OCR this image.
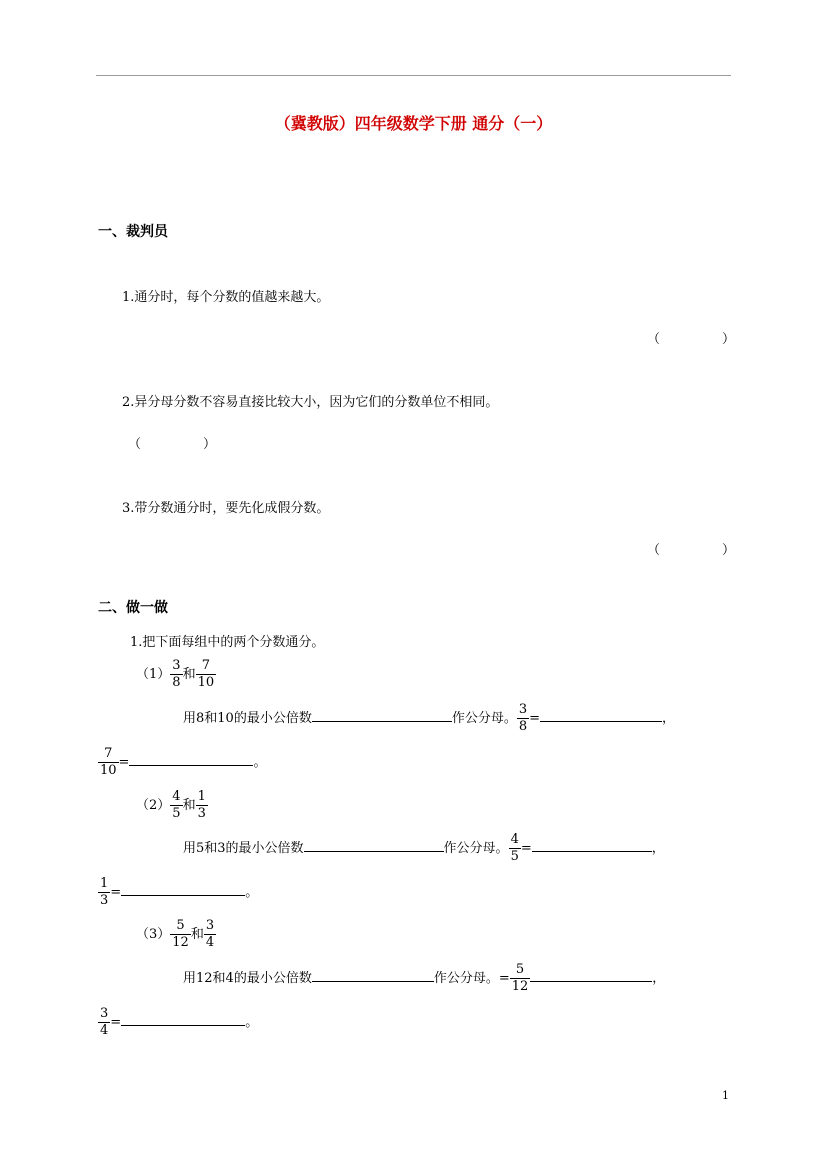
（冀教版）四年级数学下册 通分（一）
一、裁判员
1.通分时，每个分数的值越来越大。
（	）
2.异分母分数不容易直接比较大小，因为它们的分数单位不相同。
（	）
3.带分数通分时，要先化成假分数。
（	）
二、做一做
1.把下面每组中的两个分数通分。
$(1) \frac{3}{8}$ 和 $\frac{7}{10}$
用8和10的最小公倍数	作公分母。 $\frac{3}{8}$ =	，
$\frac{7}{10}$ =	。
$(2) \frac{4}{5}$ 和 $\frac{1}{3}$
用5和3的最小公倍数	作公分母。 $\frac{4}{5}$ =	，
$\frac{1}{3}$ =	。
$(3) \frac{5}{12}$ 和 $\frac{3}{4}$
用12和4的最小公倍数	作公分母。= $\frac{5}{12}$	，
$\frac{3}{4}$ =	。
1
